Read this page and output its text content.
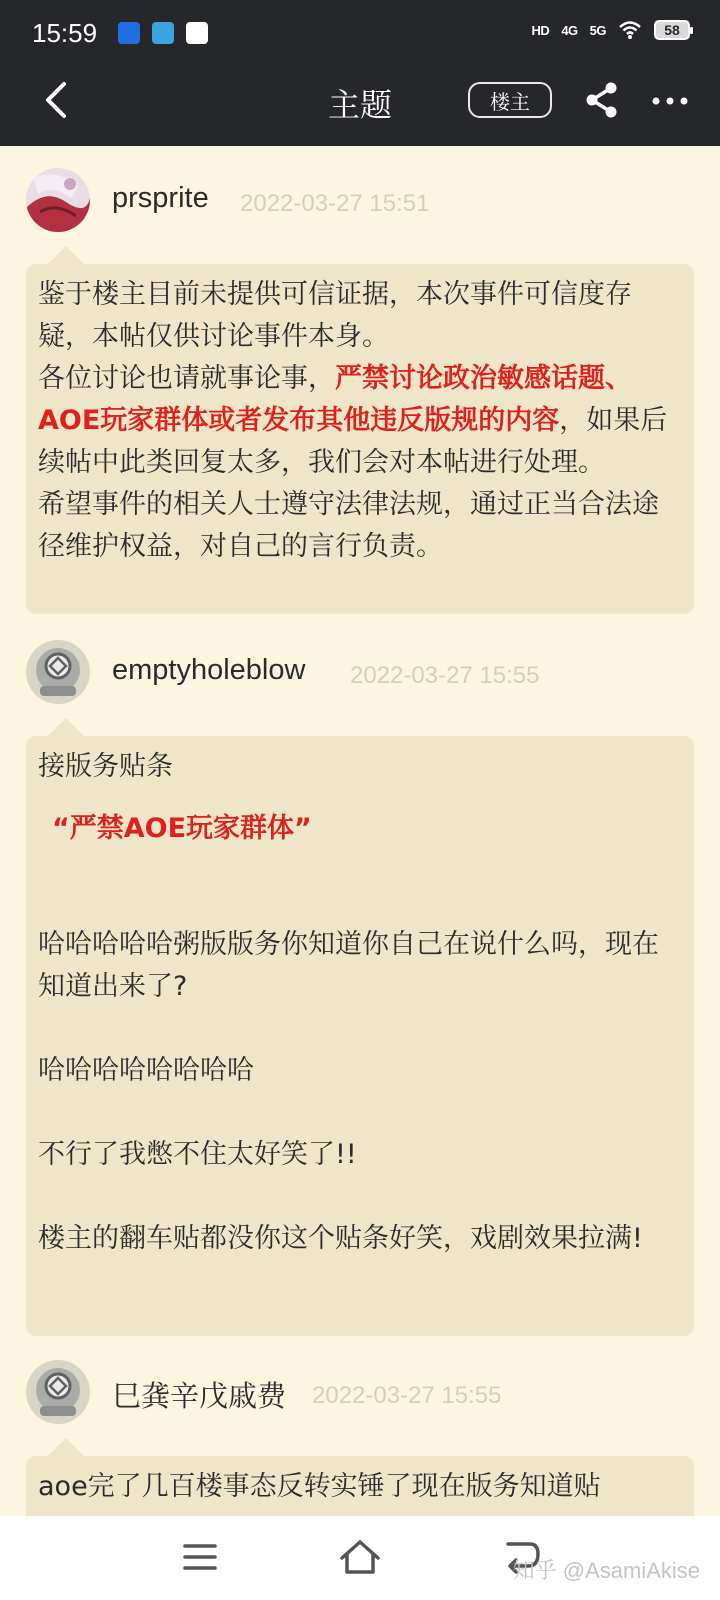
15:59	HD 4G 5G	58
主题	楼主
prsprite 2022-03-27 15:51

鉴于楼主目前未提供可信证据，本次事件可信度存疑，本帖仅供讨论事件本身。

各位讨论也请就事论事，严禁讨论政治敏感话题、AOE玩家群体或者发布其他违反版规的内容，如果后续帖中此类回复太多，我们会对本帖进行处理。

希望事件的相关人士遵守法律法规，通过正当合法途径维护权益，对自己的言行负责。

emptyholeblow 2022-03-27 15:55

接版务贴条

“严禁AOE玩家群体”

哈哈哈哈哈粥版版务你知道你自己在说什么吗，现在知道出来了?

哈哈哈哈哈哈哈哈

不行了我憋不住太好笑了!!

楼主的翻车贴都没你这个贴条好笑，戏剧效果拉满!

巳龚辛戊戚费 2022-03-27 15:55

aoe完了几百楼事态反转实锤了现在版务知道贴

知乎 @AsamiAkise
